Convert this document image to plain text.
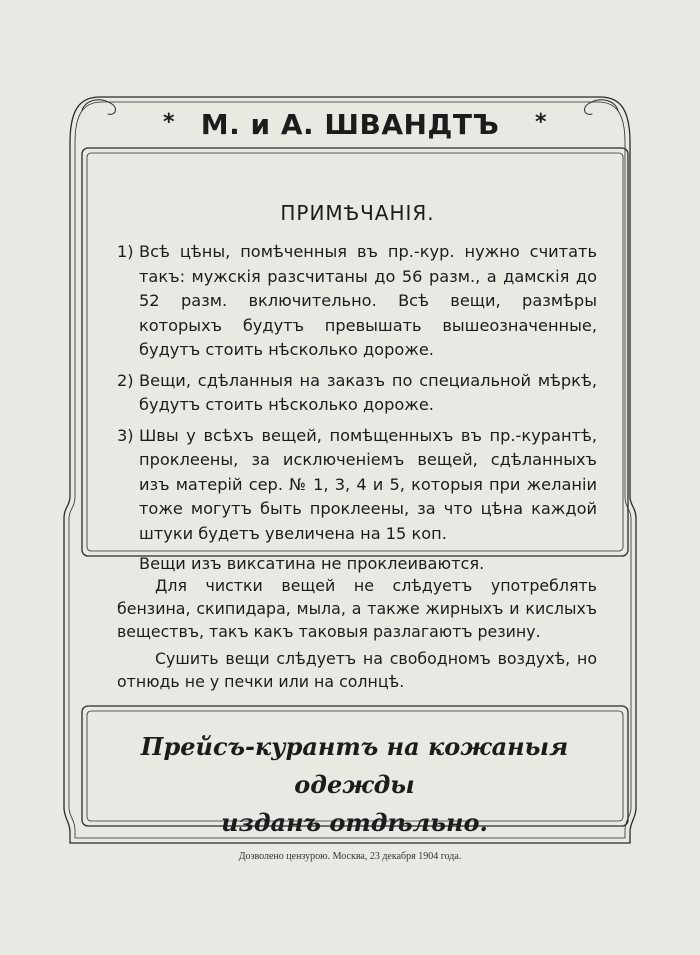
* М. и А. ШВАНДТЪ	*
ПРИМѢЧАНІЯ.
1) Всѣ цѣны, помѣченныя въ пр.-кур. нужно считать такъ: мужскія разсчитаны до 56 разм., а дамскія до 52 разм. включительно. Всѣ вещи, размѣры которыхъ будутъ превышать вышеозначенные, будутъ стоить нѣсколько дороже.
2) Вещи, сдѣланныя на заказъ по специальной мѣркѣ, будутъ стоить нѣсколько дороже.
3) Швы у всѣхъ вещей, помѣщенныхъ въ пр.-курантѣ, проклеены, за исключеніемъ вещей, сдѣланныхъ изъ матерій сер. № 1, 3, 4 и 5, которыя при желаніи тоже могутъ быть проклеены, за что цѣна каждой штуки будетъ увеличена на 15 коп.
Вещи изъ виксатина не проклеиваются.

Для чистки вещей не слѣдуетъ употреблять бензина, скипидара, мыла, а также жирныхъ и кислыхъ веществъ, такъ какъ таковыя разлагаютъ резину.

Сушить вещи слѣдуетъ на свободномъ воздухѣ, но отнюдь не у печки или на солнцѣ.

Прейсъ-курантъ на кожаныя одежды
изданъ отдѣльно.
Дозволено цензурою. Москва, 23 декабря 1904 года.
